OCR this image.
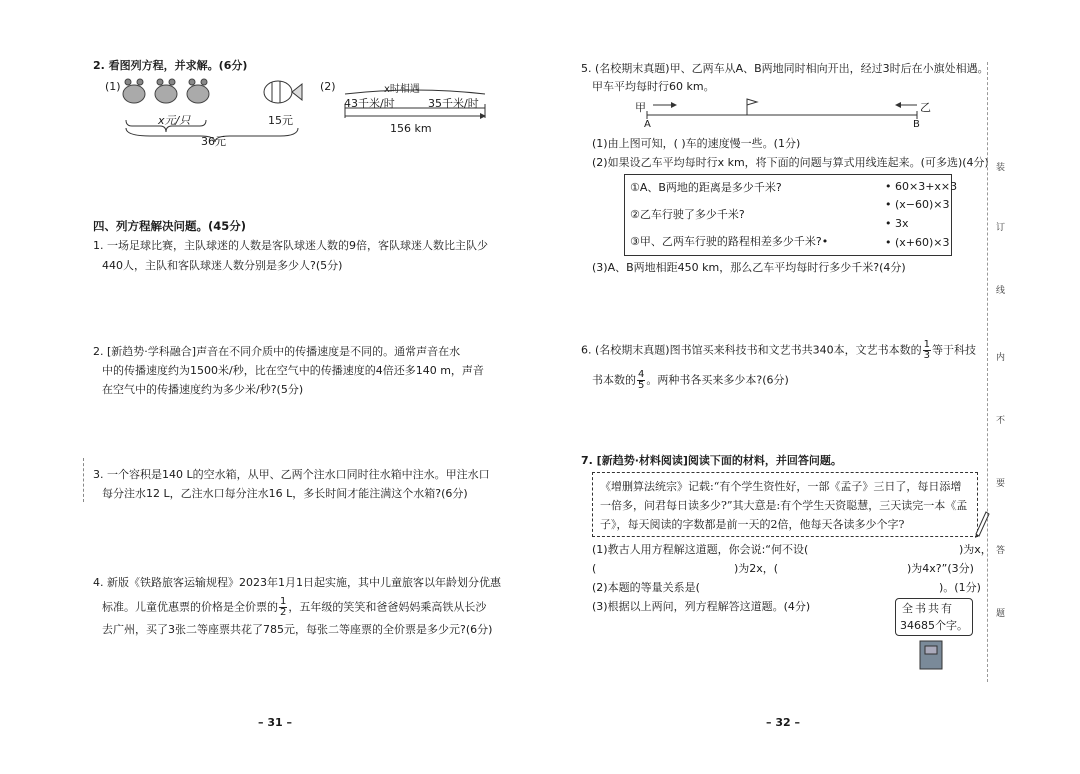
2. 看图列方程，并求解。(6分)
(1)
x元/只	15元
36元
(2)	x时相遇
43千米/时	35千米/时
156 km
四、列方程解决问题。(45分)
1. 一场足球比赛，主队球迷的人数是客队球迷人数的9倍，客队球迷人数比主队少
440人，主队和客队球迷人数分别是多少人?(5分)
2. [新趋势·学科融合]声音在不同介质中的传播速度是不同的。通常声音在水
中的传播速度约为1500米/秒，比在空气中的传播速度的4倍还多140 m，声音
在空气中的传播速度约为多少米/秒?(5分)
3. 一个容积是140 L的空水箱，从甲、乙两个注水口同时往水箱中注水。甲注水口
每分注水12 L，乙注水口每分注水16 L，多长时间才能注满这个水箱?(6分)
4. 新版《铁路旅客运输规程》2023年1月1日起实施，其中儿童旅客以年龄划分优惠
标准。儿童优惠票的价格是全价票的 $\frac{1}{2}$ ，五年级的笑笑和爸爸妈妈乘高铁从长沙
去广州，买了3张二等座票共花了785元，每张二等座票的全价票是多少元?(6分)
– 31 –
5. (名校期末真题)甲、乙两车从A、B两地同时相向开出，经过3时后在小旗处相遇。
甲车平均每时行60 km。
甲	乙
A	B
(1)由上图可知，( )车的速度慢一些。(1分)
(2)如果设乙车平均每时行x km，将下面的问题与算式用线连起来。(可多选)(4分)
①A、B两地的距离是多少千米?
②乙车行驶了多少千米?
③甲、乙两车行驶的路程相差多少千米?•
• 60×3+x×3
• (x−60)×3
• 3x
• (x+60)×3
(3)A、B两地相距450 km，那么乙车平均每时行多少千米?(4分)
6. (名校期末真题)图书馆买来科技书和文艺书共340本，文艺书本数的 $\frac{1}{3}$ 等于科技
书本数的 $\frac{4}{5}$ 。两种书各买来多少本?(6分)
7. [新趋势·材料阅读]阅读下面的材料，并回答问题。
《增删算法统宗》记载:“有个学生资性好，一部《孟子》三日了，每日添增
一倍多，问君每日读多少?”其大意是:有个学生天资聪慧，三天读完一本《孟
子》，每天阅读的字数都是前一天的2倍，他每天各读多少个字?
(1)教古人用方程解这道题，你会说:“何不设(	)为x，
(	)为2x，(	)为4x?”(3分)
(2)本题的等量关系是(	)。(1分)
(3)根据以上两问，列方程解答这道题。(4分)	全书共有
34685个字。
装
订
线
内
不
要
答
题
– 32 –
